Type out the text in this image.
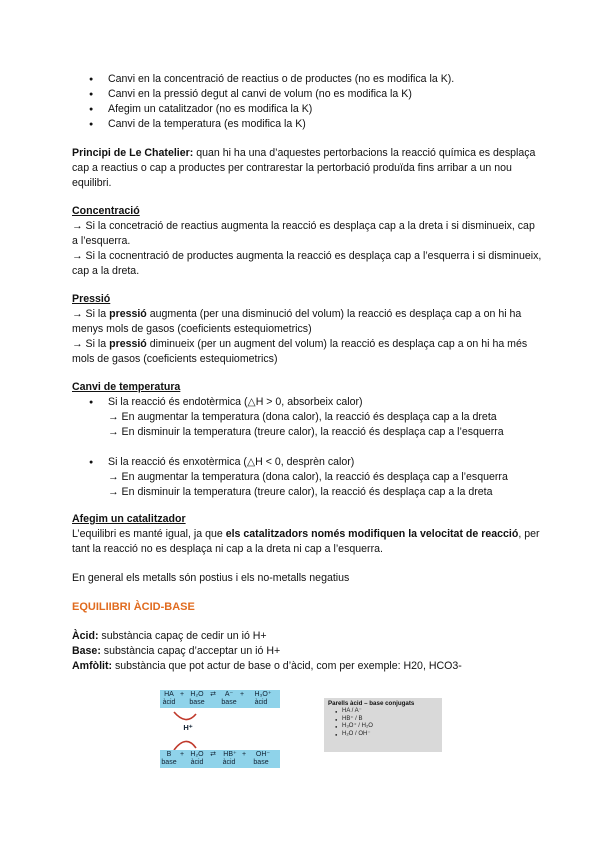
● Canvi en la concentració de reactius o de productes (no es modifica la K).
● Canvi en la pressió degut al canvi de volum (no es modifica la K)
● Afegim un catalitzador (no es modifica la K)
● Canvi de la temperatura (es modifica la K)
Principi de Le Chatelier: quan hi ha una d’aquestes pertorbacions la reacció química es desplaça cap a reactius o cap a productes per contrarestar la pertorbació produïda fins arribar a un nou equilibri.
Concentració
→ Si la concetració de reactius augmenta la reacció es desplaça cap a la dreta i si disminueix, cap a l’esquerra.
→ Si la cocnentració de productes augmenta la reacció es desplaça cap a l’esquerra i si disminueix, cap a la dreta.
Pressió
→ Si la pressió augmenta (per una disminució del volum) la reacció es desplaça cap a on hi ha menys mols de gasos (coeficients estequiometrics)
→ Si la pressió diminueix (per un augment del volum) la reacció es desplaça cap a on hi ha més mols de gasos (coeficients estequiometrics)
Canvi de temperatura
● Si la reacció és endotèrmica (△H > 0, absorbeix calor)
→ En augmentar la temperatura (dona calor), la reacció és desplaça cap a la dreta
→ En disminuir la temperatura (treure calor), la reacció és desplaça cap a l’esquerra
● Si la reacció és enxotèrmica (△H < 0, desprèn calor)
→ En augmentar la temperatura (dona calor), la reacció és desplaça cap a l’esquerra
→ En disminuir la temperatura (treure calor), la reacció és desplaça cap a la dreta
Afegim un catalitzador
L’equilibri es manté igual, ja que els catalitzadors només modifiquen la velocitat de reacció, per tant la reacció no es desplaça ni cap a la dreta ni cap a l’esquerra.
En general els metalls són postius i els no-metalls negatius
EQUILIIBRI ÀCID-BASE
Àcid: substància capaç de cedir un ió H+
Base: substància capaç d’acceptar un ió H+
Amfòlit: substància que pot actur de base o d’àcid, com per exemple: H20, HCO3-
HA + H₂O ⇄	A⁻ +	H₃O⁺
àcid	base	base	àcid
H⁺
B	+ H₂O ⇄ HB⁺ +	OH⁻
base	àcid	àcid	base
Parells àcid – base conjugats
● HA / A⁻
● HB⁺ / B
● H₃O⁺ / H₂O
● H₂O / OH⁻
